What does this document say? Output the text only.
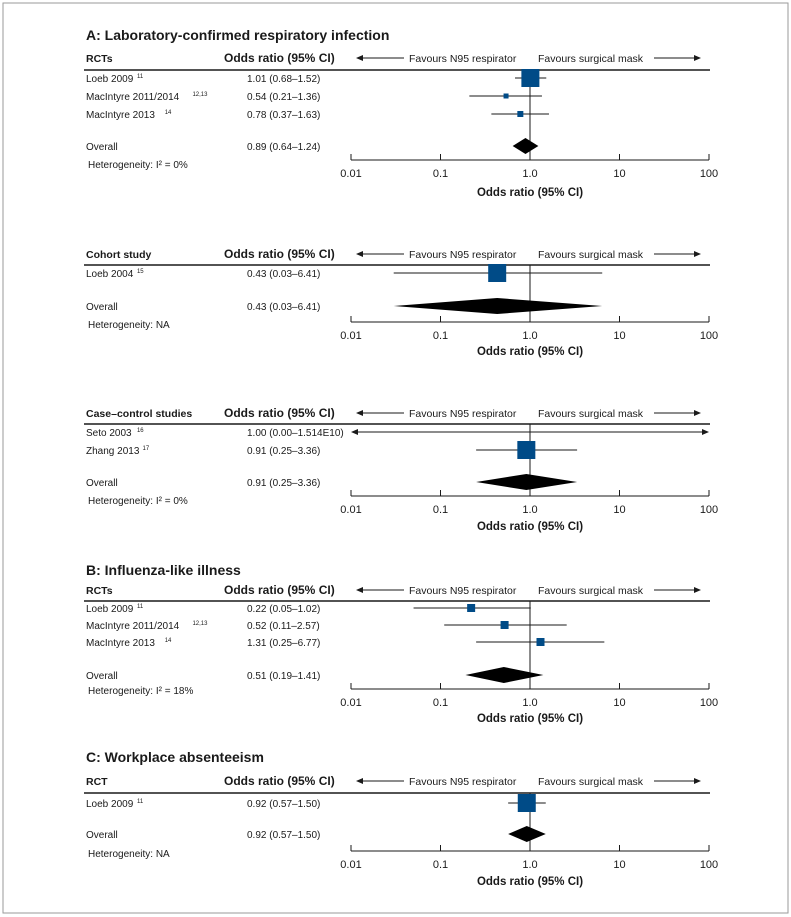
A: Laboratory-confirmed respiratory infection
RCTs	Odds ratio (95% CI)	Favours N95 respirator Favours surgical mask
Loeb 2009 11	1.01 (0.68–1.52)
MacIntyre 2011/2014 12,13	0.54 (0.21–1.36)
MacIntyre 2013 14	0.78 (0.37–1.63)
Overall	0.89 (0.64–1.24)
Heterogeneity: I² = 0%
0.01	0.1	1.0	10	100
Odds ratio (95% CI)
Cohort study	Odds ratio (95% CI)	Favours N95 respirator Favours surgical mask
Loeb 2004 15	0.43 (0.03–6.41)
Overall	0.43 (0.03–6.41)
Heterogeneity: NA
0.01	0.1	1.0	10	100
Odds ratio (95% CI)
Case–control studies	Odds ratio (95% CI)	Favours N95 respirator Favours surgical mask
Seto 2003 16	1.00 (0.00–1.514E10)
Zhang 2013 17	0.91 (0.25–3.36)
Overall	0.91 (0.25–3.36)
Heterogeneity: I² = 0%
0.01	0.1	1.0	10	100
Odds ratio (95% CI)
B: Influenza-like illness
RCTs	Odds ratio (95% CI)	Favours N95 respirator Favours surgical mask
Loeb 2009 11	0.22 (0.05–1.02)
MacIntyre 2011/2014 12,13	0.52 (0.11–2.57)
MacIntyre 2013 14	1.31 (0.25–6.77)
Overall	0.51 (0.19–1.41)
Heterogeneity: I² = 18%
0.01	0.1	1.0	10	100
Odds ratio (95% CI)
C: Workplace absenteeism
RCT	Odds ratio (95% CI)	Favours N95 respirator Favours surgical mask
Loeb 2009 11	0.92 (0.57–1.50)
Overall	0.92 (0.57–1.50)
Heterogeneity: NA
0.01	0.1	1.0	10	100
Odds ratio (95% CI)
